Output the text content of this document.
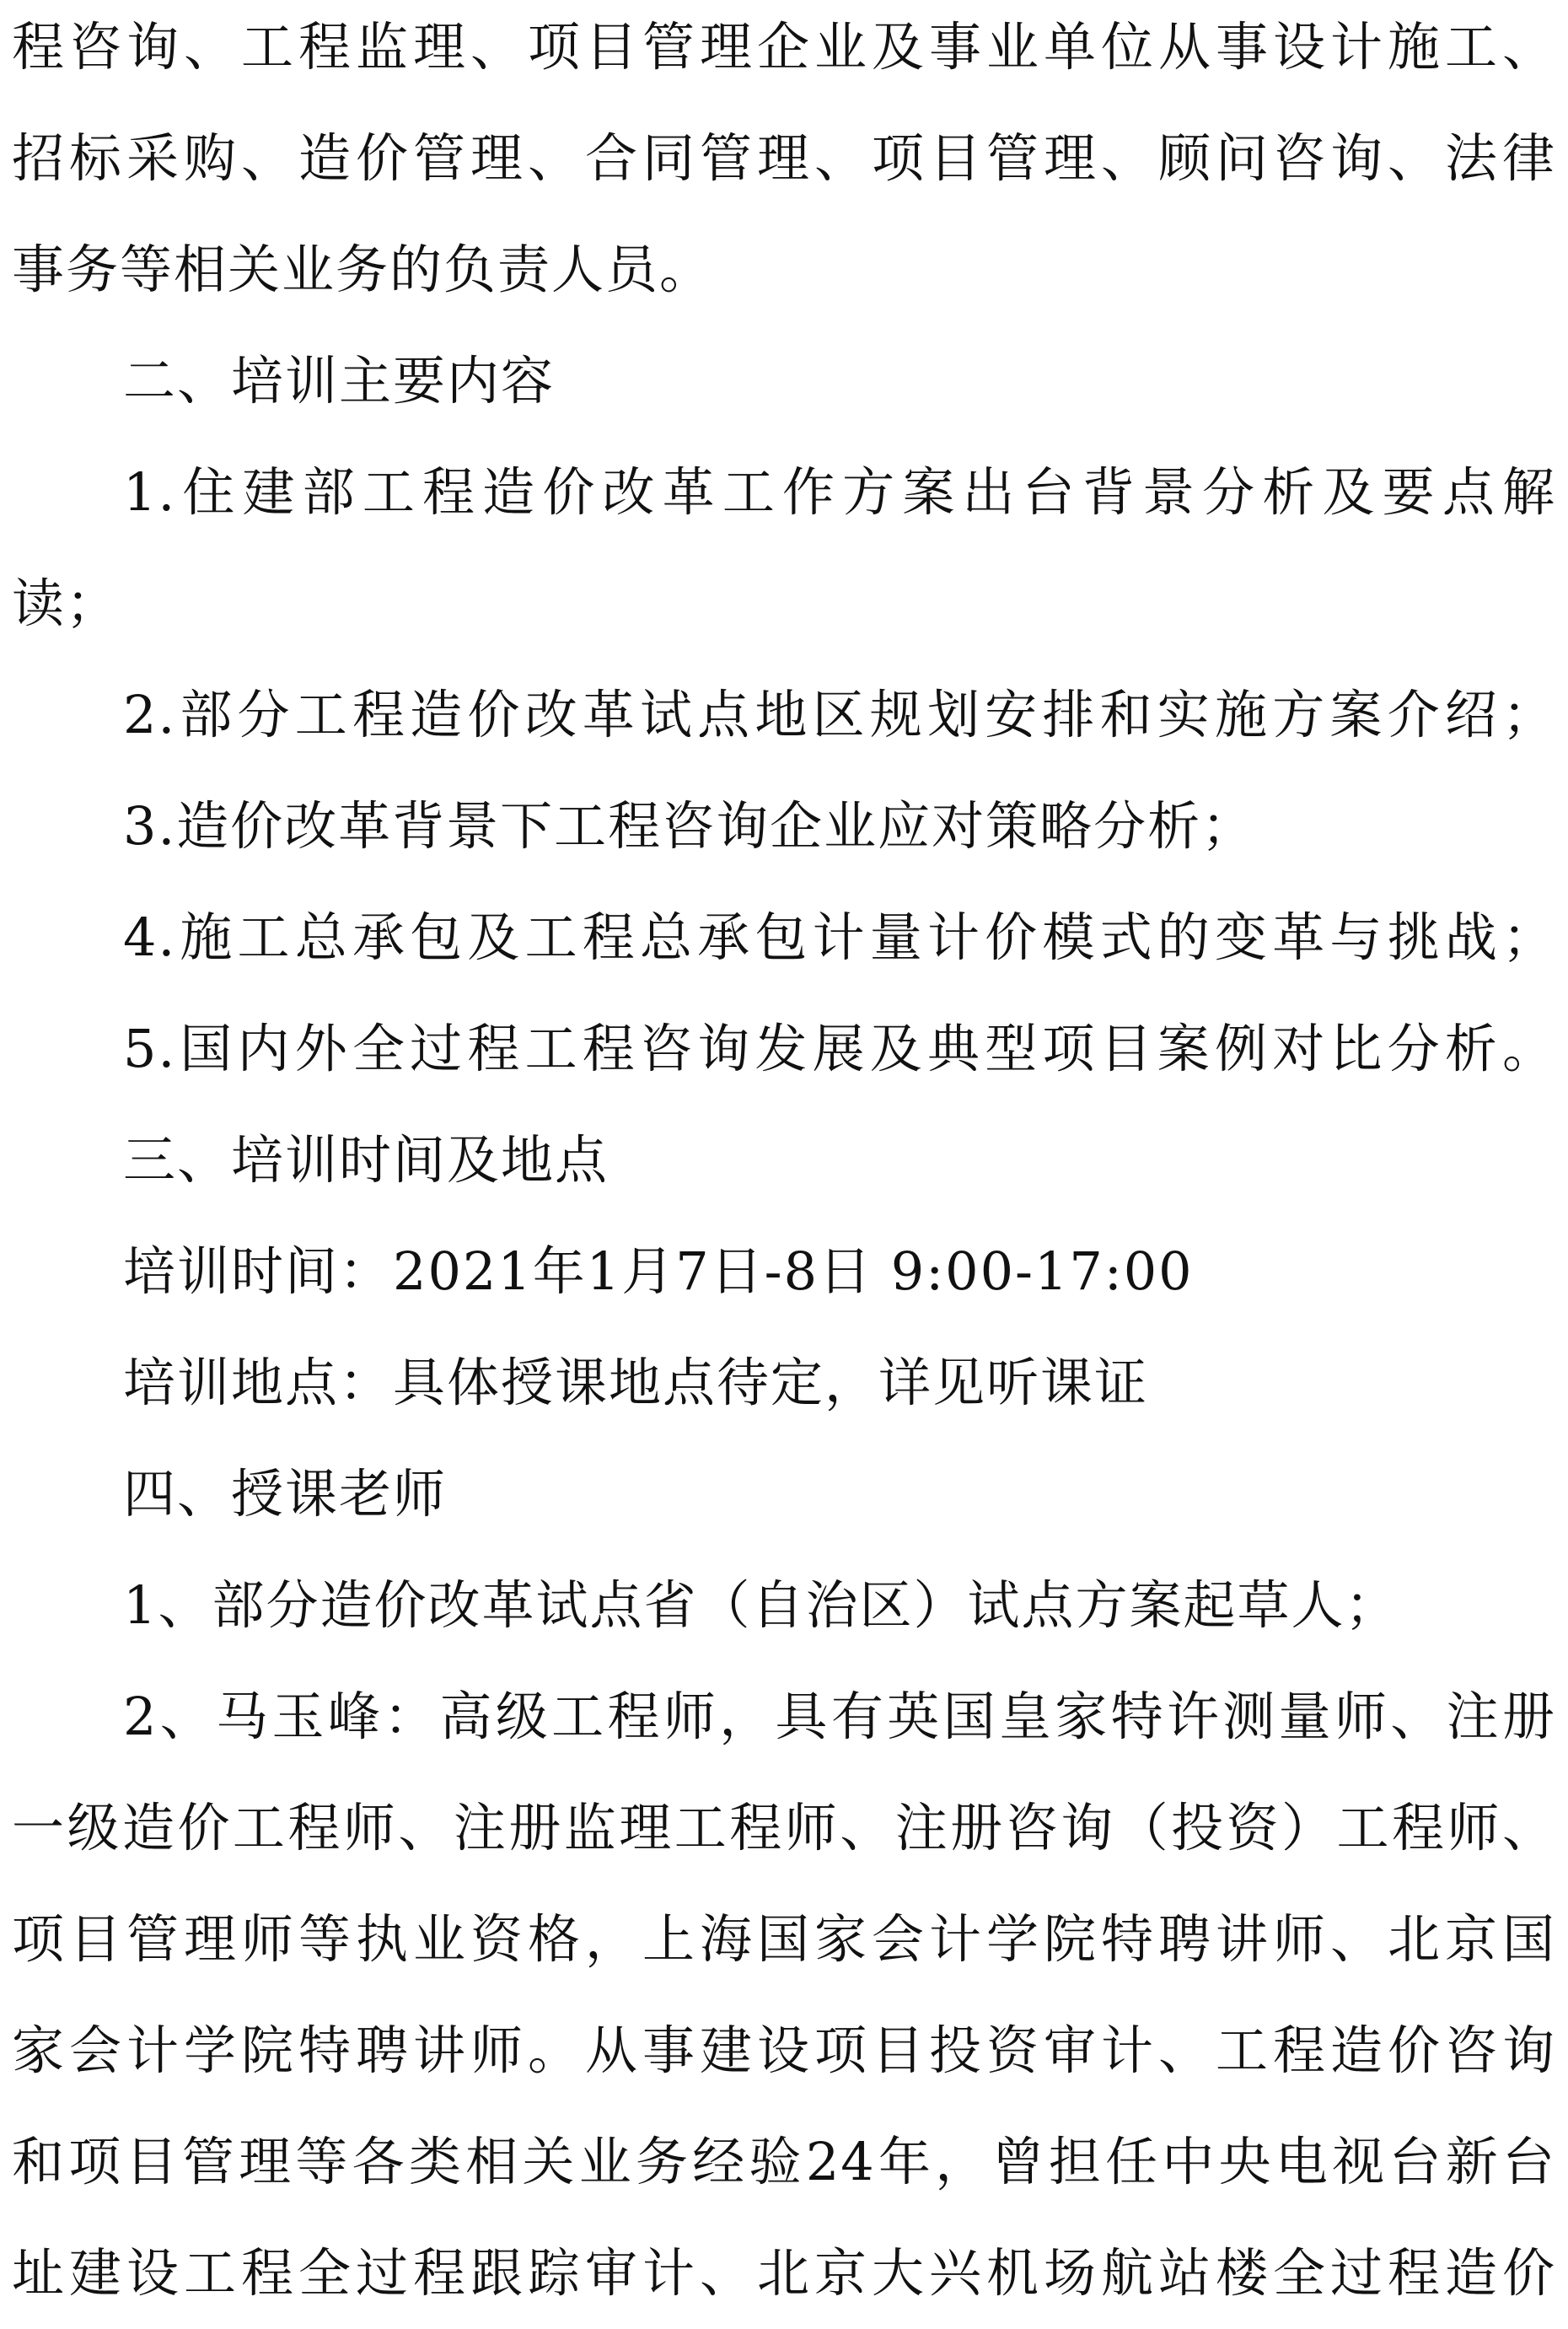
程咨询、工程监理、项目管理企业及事业单位从事设计施工、
招标采购、造价管理、合同管理、项目管理、顾问咨询、法律
事务等相关业务的负责人员。
二、培训主要内容
1.住建部工程造价改革工作方案出台背景分析及要点解
读；
2.部分工程造价改革试点地区规划安排和实施方案介绍；
3.造价改革背景下工程咨询企业应对策略分析；
4.施工总承包及工程总承包计量计价模式的变革与挑战；
5.国内外全过程工程咨询发展及典型项目案例对比分析。
三、培训时间及地点
培训时间：2021年1月7日-8日 9:00-17:00
培训地点：具体授课地点待定，详见听课证
四、授课老师
1、部分造价改革试点省（自治区）试点方案起草人；
2、马玉峰：高级工程师，具有英国皇家特许测量师、注册
一级造价工程师、注册监理工程师、注册咨询（投资）工程师、
项目管理师等执业资格，上海国家会计学院特聘讲师、北京国
家会计学院特聘讲师。从事建设项目投资审计、工程造价咨询
和项目管理等各类相关业务经验24年，曾担任中央电视台新台
址建设工程全过程跟踪审计、北京大兴机场航站楼全过程造价
